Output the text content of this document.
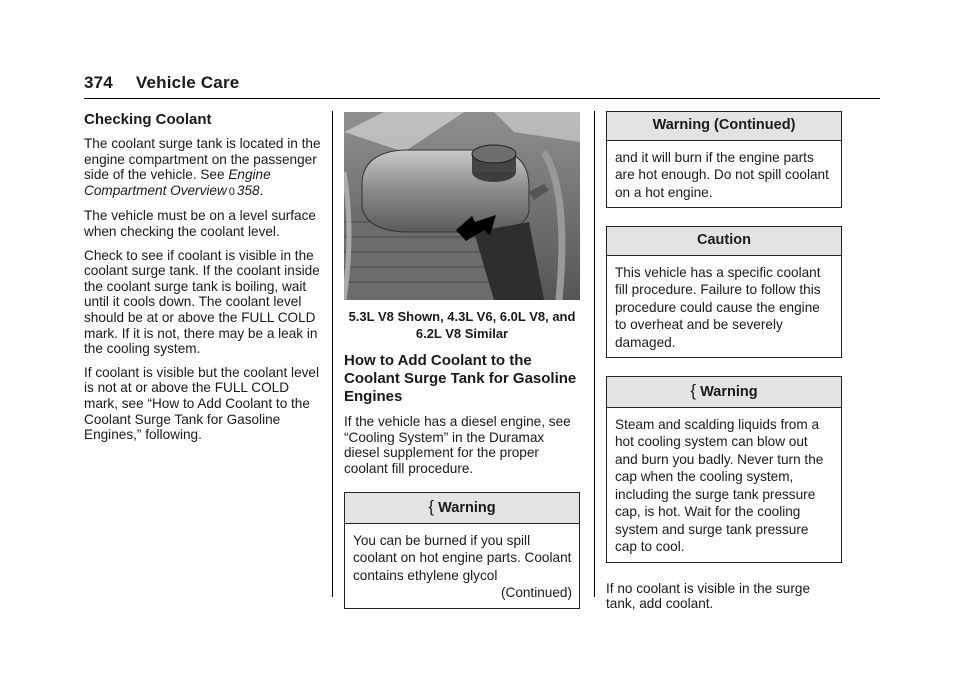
374 Vehicle Care
Checking Coolant

The coolant surge tank is located in the engine compartment on the passenger side of the vehicle. See Engine Compartment Overview 0 358.

The vehicle must be on a level surface when checking the coolant level.

Check to see if coolant is visible in the coolant surge tank. If the coolant inside the coolant surge tank is boiling, wait until it cools down. The coolant level should be at or above the FULL COLD mark. If it is not, there may be a leak in the cooling system.

If coolant is visible but the coolant level is not at or above the FULL COLD mark, see “How to Add Coolant to the Coolant Surge Tank for Gasoline Engines,” following.

5.3L V8 Shown, 4.3L V6, 6.0L V8, and 6.2L V8 Similar
How to Add Coolant to the Coolant Surge Tank for Gasoline Engines

If the vehicle has a diesel engine, see “Cooling System” in the Duramax diesel supplement for the proper coolant fill procedure.

{ Warning
You can be burned if you spill coolant on hot engine parts. Coolant contains ethylene glycol
(Continued)
Warning (Continued)
and it will burn if the engine parts are hot enough. Do not spill coolant on a hot engine.
Caution
This vehicle has a specific coolant fill procedure. Failure to follow this procedure could cause the engine to overheat and be severely damaged.
{ Warning
Steam and scalding liquids from a hot cooling system can blow out and burn you badly. Never turn the cap when the cooling system, including the surge tank pressure cap, is hot. Wait for the cooling system and surge tank pressure cap to cool.

If no coolant is visible in the surge tank, add coolant.
